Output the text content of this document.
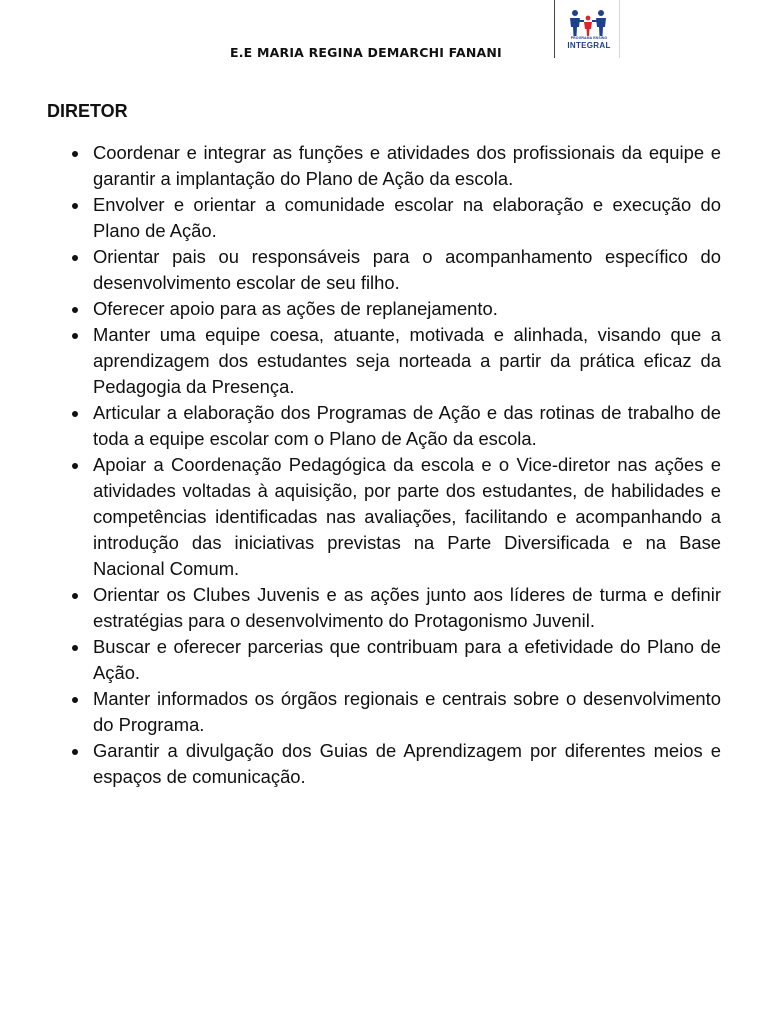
E.E MARIA REGINA DEMARCHI FANANI
PROGRAMA ENSINO
INTEGRAL
DIRETOR
Coordenar e integrar as funções e atividades dos profissionais da equipe e garantir a implantação do Plano de Ação da escola.
Envolver e orientar a comunidade escolar na elaboração e execução do Plano de Ação.
Orientar pais ou responsáveis para o acompanhamento específico do desenvolvimento escolar de seu filho.
Oferecer apoio para as ações de replanejamento.
Manter uma equipe coesa, atuante, motivada e alinhada, visando que a aprendizagem dos estudantes seja norteada a partir da prática eficaz da Pedagogia da Presença.
Articular a elaboração dos Programas de Ação e das rotinas de trabalho de toda a equipe escolar com o Plano de Ação da escola.
Apoiar a Coordenação Pedagógica da escola e o Vice-diretor nas ações e atividades voltadas à aquisição, por parte dos estudantes, de habilidades e competências identificadas nas avaliações, facilitando e acompanhando a introdução das iniciativas previstas na Parte Diversificada e na Base Nacional Comum.
Orientar os Clubes Juvenis e as ações junto aos líderes de turma e definir estratégias para o desenvolvimento do Protagonismo Juvenil.
Buscar e oferecer parcerias que contribuam para a efetividade do Plano de Ação.
Manter informados os órgãos regionais e centrais sobre o desenvolvimento do Programa.
Garantir a divulgação dos Guias de Aprendizagem por diferentes meios e espaços de comunicação.
